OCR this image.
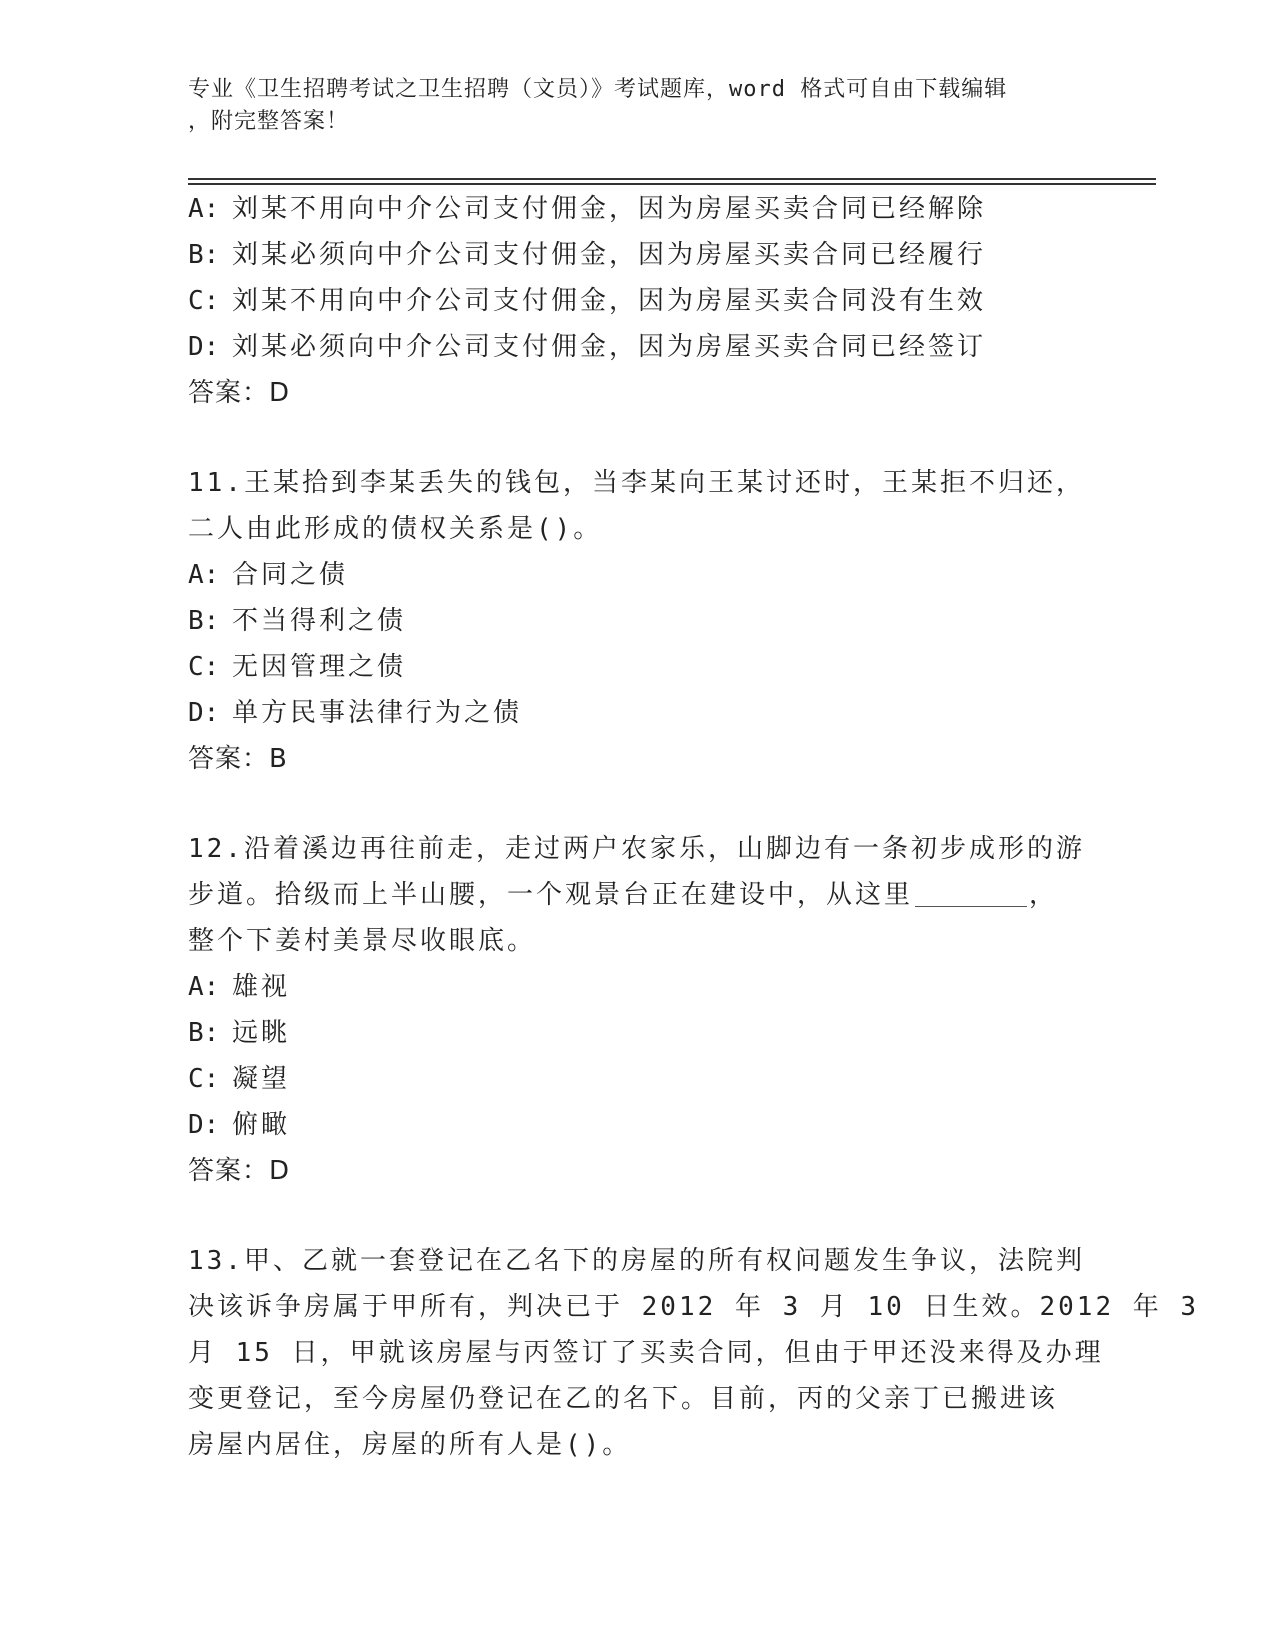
专业《卫生招聘考试之卫生招聘（文员）》考试题库，word 格式可自由下载编辑
，附完整答案！
A: 刘某不用向中介公司支付佣金，因为房屋买卖合同已经解除
B: 刘某必须向中介公司支付佣金，因为房屋买卖合同已经履行
C: 刘某不用向中介公司支付佣金，因为房屋买卖合同没有生效
D: 刘某必须向中介公司支付佣金，因为房屋买卖合同已经签订
答案：D
11.王某拾到李某丢失的钱包，当李某向王某讨还时，王某拒不归还，
二人由此形成的债权关系是()。
A: 合同之债
B: 不当得利之债
C: 无因管理之债
D: 单方民事法律行为之债
答案：B
12.沿着溪边再往前走，走过两户农家乐，山脚边有一条初步成形的游
步道。拾级而上半山腰，一个观景台正在建设中，从这里	，
整个下姜村美景尽收眼底。
A: 雄视
B: 远眺
C: 凝望
D: 俯瞰
答案：D
13.甲、乙就一套登记在乙名下的房屋的所有权问题发生争议，法院判
决该诉争房属于甲所有，判决已于 2012 年 3 月 10 日生效。2012 年 3
月 15 日，甲就该房屋与丙签订了买卖合同，但由于甲还没来得及办理
变更登记，至今房屋仍登记在乙的名下。目前，丙的父亲丁已搬进该
房屋内居住，房屋的所有人是()。
